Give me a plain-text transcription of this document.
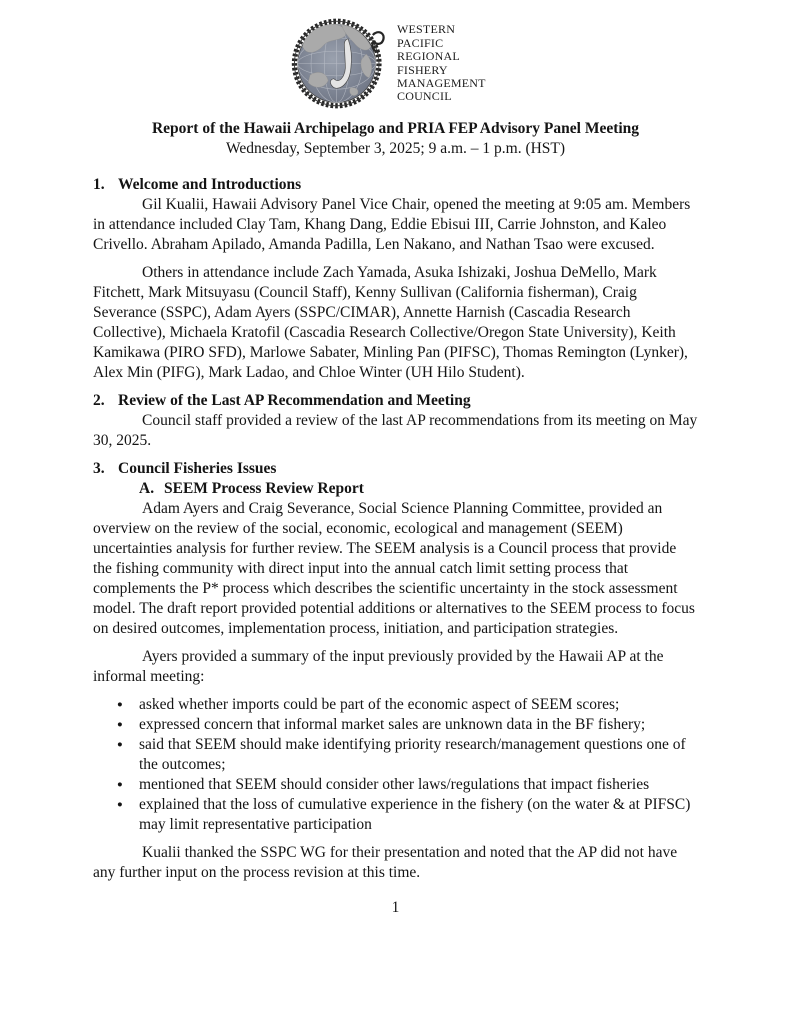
WESTERN
PACIFIC
REGIONAL
FISHERY
MANAGEMENT
COUNCIL
Report of the Hawaii Archipelago and PRIA FEP Advisory Panel Meeting

Wednesday, September 3, 2025; 9 a.m. – 1 p.m. (HST)

1. Welcome and Introductions

Gil Kualii, Hawaii Advisory Panel Vice Chair, opened the meeting at 9:05 am. Members in attendance included Clay Tam, Khang Dang, Eddie Ebisui III, Carrie Johnston, and Kaleo Crivello. Abraham Apilado, Amanda Padilla, Len Nakano, and Nathan Tsao were excused.

Others in attendance include Zach Yamada, Asuka Ishizaki, Joshua DeMello, Mark Fitchett, Mark Mitsuyasu (Council Staff), Kenny Sullivan (California fisherman), Craig Severance (SSPC), Adam Ayers (SSPC/CIMAR), Annette Harnish (Cascadia Research Collective), Michaela Kratofil (Cascadia Research Collective/Oregon State University), Keith Kamikawa (PIRO SFD), Marlowe Sabater, Minling Pan (PIFSC), Thomas Remington (Lynker), Alex Min (PIFG), Mark Ladao, and Chloe Winter (UH Hilo Student).

2. Review of the Last AP Recommendation and Meeting

Council staff provided a review of the last AP recommendations from its meeting on May 30, 2025.

3. Council Fisheries Issues
A. SEEM Process Review Report

Adam Ayers and Craig Severance, Social Science Planning Committee, provided an overview on the review of the social, economic, ecological and management (SEEM) uncertainties analysis for further review. The SEEM analysis is a Council process that provide the fishing community with direct input into the annual catch limit setting process that complements the P* process which describes the scientific uncertainty in the stock assessment model. The draft report provided potential additions or alternatives to the SEEM process to focus on desired outcomes, implementation process, initiation, and participation strategies.

Ayers provided a summary of the input previously provided by the Hawaii AP at the informal meeting:

● asked whether imports could be part of the economic aspect of SEEM scores;
● expressed concern that informal market sales are unknown data in the BF fishery;
● said that SEEM should make identifying priority research/management questions one of the outcomes;
● mentioned that SEEM should consider other laws/regulations that impact fisheries
● explained that the loss of cumulative experience in the fishery (on the water & at PIFSC) may limit representative participation

Kualii thanked the SSPC WG for their presentation and noted that the AP did not have any further input on the process revision at this time.

1
